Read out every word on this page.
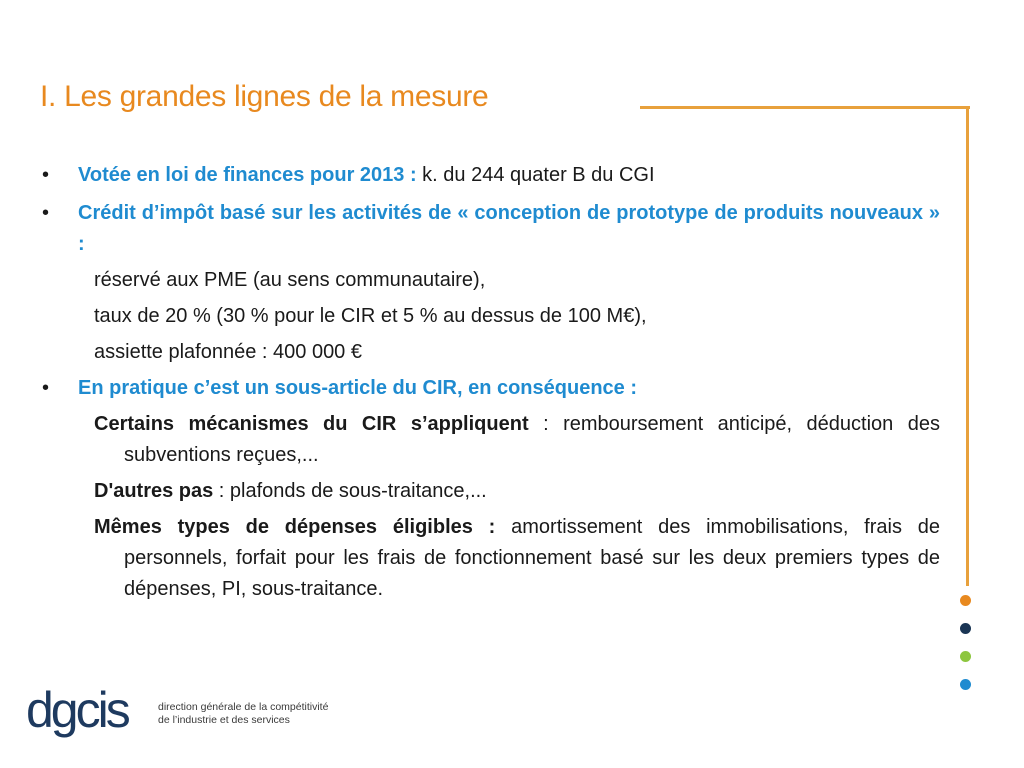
I. Les grandes lignes de la mesure

•	Votée en loi de finances pour 2013 : k. du 244 quater B du CGI

•	Crédit d’impôt basé sur les activités de « conception de prototype de produits nouveaux » :

réservé aux PME (au sens communautaire),

taux de 20 % (30 % pour le CIR et 5 % au dessus de 100 M€),

assiette plafonnée : 400 000 €

•	En pratique c’est un sous-article du CIR, en conséquence :

Certains mécanismes du CIR s’appliquent : remboursement anticipé, déduction des subventions reçues,...

D'autres pas : plafonds de sous-traitance,...

Mêmes types de dépenses éligibles : amortissement des immobilisations, frais de personnels, forfait pour les frais de fonctionnement basé sur les deux premiers types de dépenses, PI, sous-traitance.

dgcis	direction générale de la compétitivité
de l’industrie et des services
